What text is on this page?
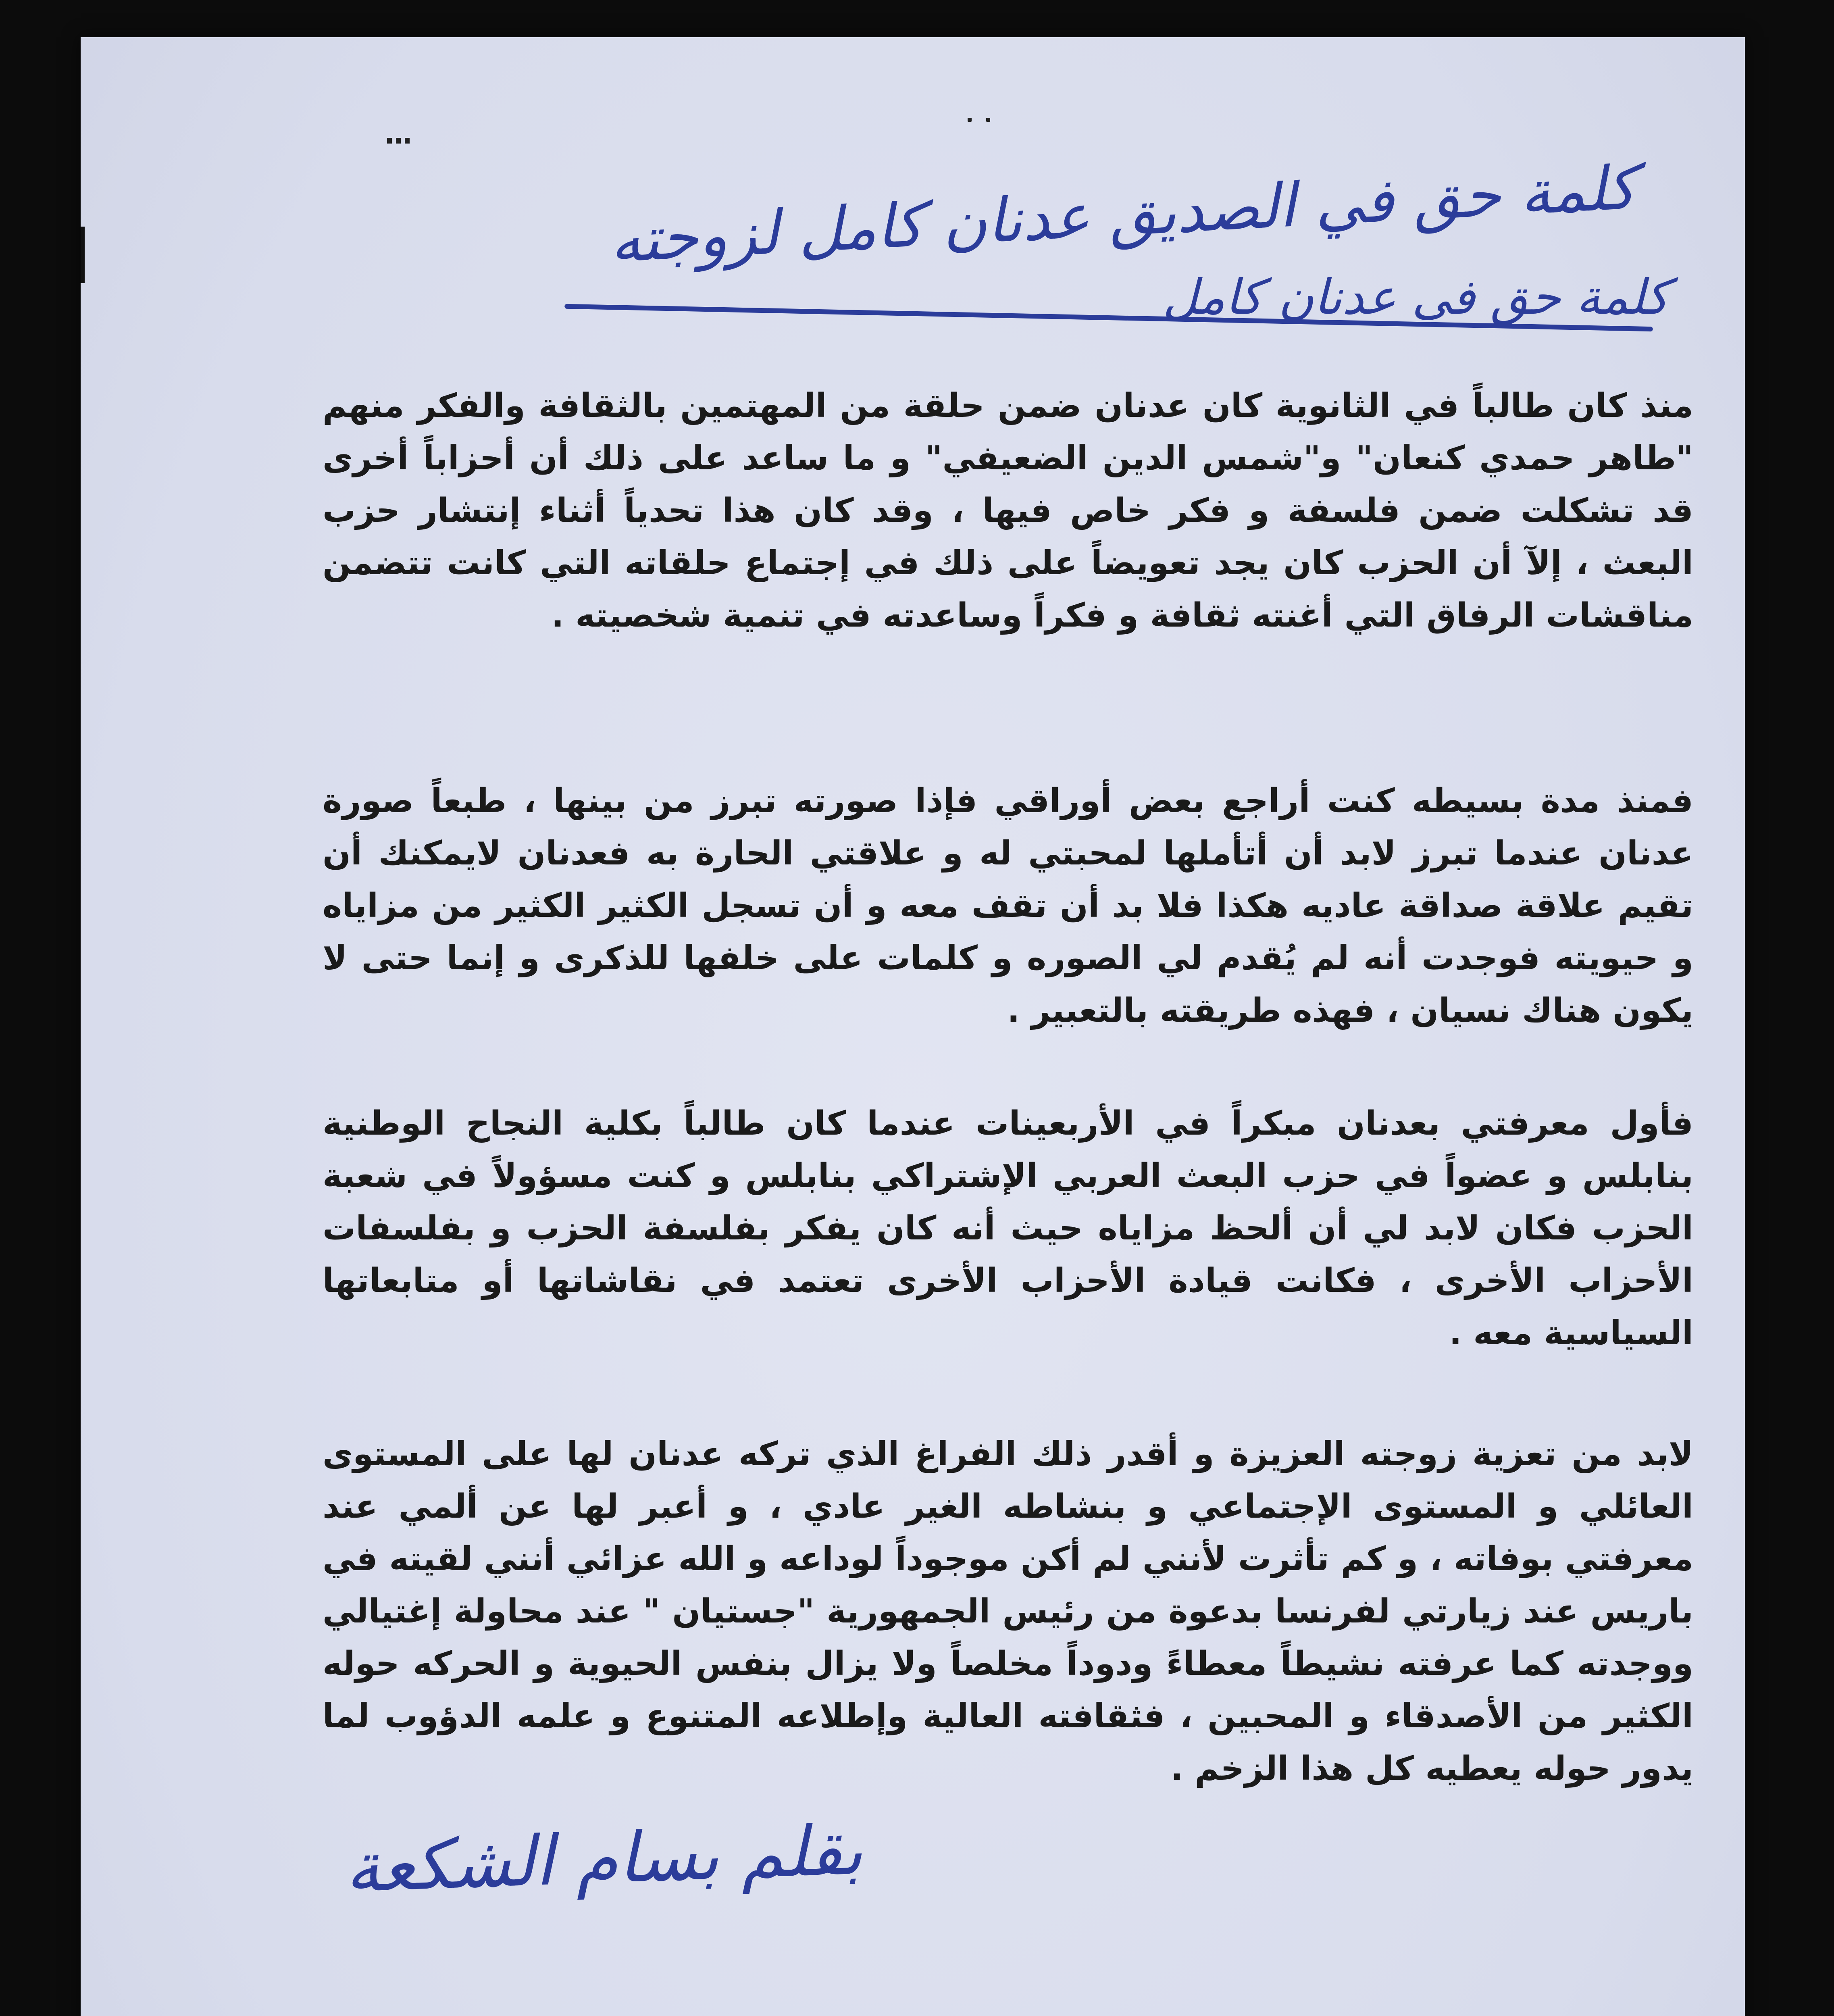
كلمة حق في الصديق عدنان كامل لزوجته
كلمة حق في عدنان كامل

منذ كان طالباً في الثانوية كان عدنان ضمن حلقة من المهتمين بالثقافة والفكر منهم "طاهر حمدي كنعان" و"شمس الدين الضعيفي" و ما ساعد على ذلك أن أحزاباً أخرى قد تشكلت ضمن فلسفة و فكر خاص فيها ، وقد كان هذا تحدياً أثناء إنتشار حزب البعث ، إلآ أن الحزب كان يجد تعويضاً على ذلك في إجتماع حلقاته التي كانت تتضمن مناقشات الرفاق التي أغنته ثقافة و فكراً وساعدته في تنمية شخصيته .

فمنذ مدة بسيطه كنت أراجع بعض أوراقي فإذا صورته تبرز من بينها ، طبعاً صورة عدنان عندما تبرز لابد أن أتأملها لمحبتي له و علاقتي الحارة به فعدنان لايمكنك أن تقيم علاقة صداقة عاديه هكذا فلا بد أن تقف معه و أن تسجل الكثير الكثير من مزاياه و حيويته فوجدت أنه لم يُقدم لي الصوره و كلمات على خلفها للذكرى و إنما حتى لا يكون هناك نسيان ، فهذه طريقته بالتعبير .

فأول معرفتي بعدنان مبكراً في الأربعينات عندما كان طالباً بكلية النجاح الوطنية بنابلس و عضواً في حزب البعث العربي الإشتراكي بنابلس و كنت مسؤولاً في شعبة الحزب فكان لابد لي أن ألحظ مزاياه حيث أنه كان يفكر بفلسفة الحزب و بفلسفات الأحزاب الأخرى ، فكانت قيادة الأحزاب الأخرى تعتمد في نقاشاتها أو متابعاتها السياسية معه .

لابد من تعزية زوجته العزيزة و أقدر ذلك الفراغ الذي تركه عدنان لها على المستوى العائلي و المستوى الإجتماعي و بنشاطه الغير عادي ، و أعبر لها عن ألمي عند معرفتي بوفاته ، و كم تأثرت لأنني لم أكن موجوداً لوداعه و الله عزائي أنني لقيته في باريس عند زيارتي لفرنسا بدعوة من رئيس الجمهورية "جستيان " عند محاولة إغتيالي ووجدته كما عرفته نشيطاً معطاءً ودوداً مخلصاً ولا يزال بنفس الحيوية و الحركه حوله الكثير من الأصدقاء و المحبين ، فثقافته العالية وإطلاعه المتنوع و علمه الدؤوب لما يدور حوله يعطيه كل هذا الزخم .

بقلم بسام الشكعة
